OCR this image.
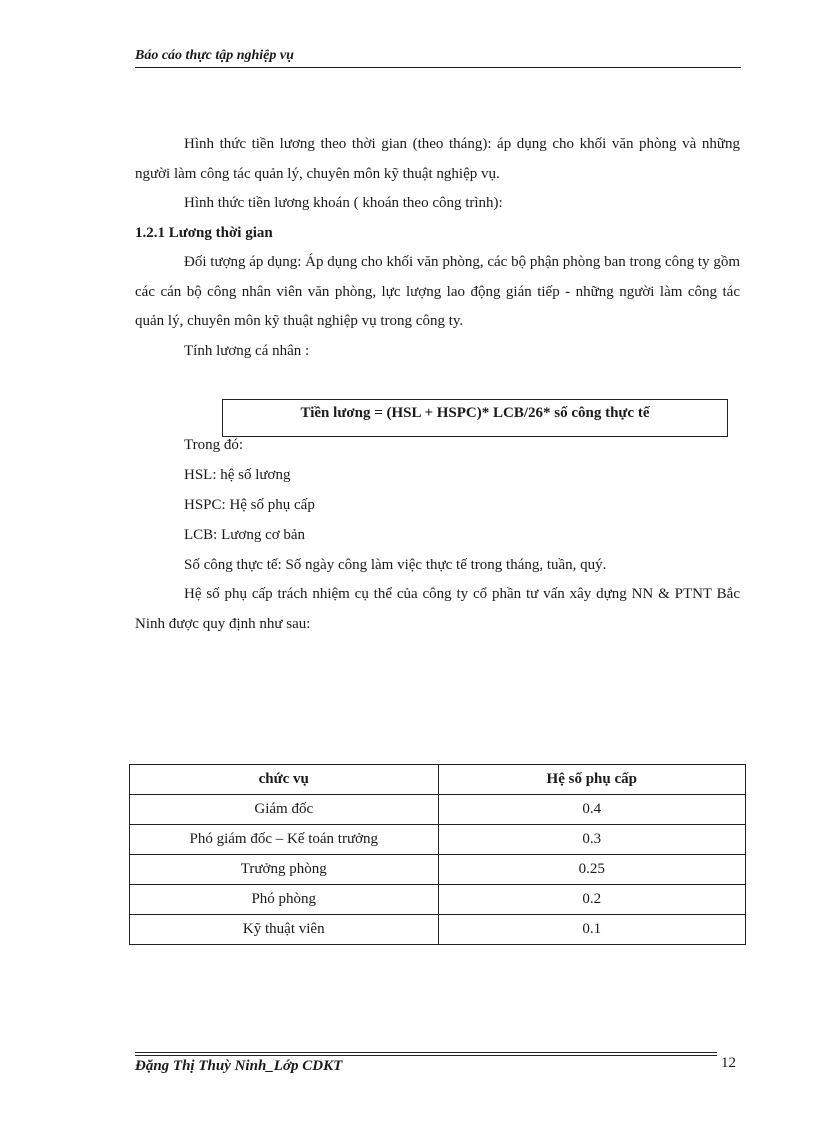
Báo cáo thực tập nghiệp vụ

Hình thức tiền lương theo thời gian (theo tháng): áp dụng cho khối văn phòng và những người làm công tác quản lý, chuyên môn kỹ thuật nghiệp vụ.

Hình thức tiền lương khoán ( khoán theo công trình):

1.2.1 Lương thời gian

Đối tượng áp dụng: Áp dụng cho khối văn phòng, các bộ phận phòng ban trong công ty gồm các cán bộ công nhân viên văn phòng, lực lượng lao động gián tiếp - những người làm công tác quản lý, chuyên môn kỹ thuật nghiệp vụ trong công ty.

Tính lương cá nhân :

Tiền lương = (HSL + HSPC)* LCB/26* số công thực tế

Trong đó:

HSL: hệ số lương

HSPC: Hệ số phụ cấp

LCB: Lương cơ bản

Số công thực tế: Số ngày công làm việc thực tế trong tháng, tuần, quý.

Hệ số phụ cấp trách nhiệm cụ thể của công ty cổ phần tư vấn xây dựng NN & PTNT Bắc Ninh được quy định như sau:

chức vụ	Hệ số phụ cấp
Giám đốc	0.4
Phó giám đốc – Kế toán trưởng	0.3
Trưởng phòng	0.25
Phó phòng	0.2
Kỹ thuật viên	0.1
Đặng Thị Thuỳ Ninh_Lớp CDKT	12
